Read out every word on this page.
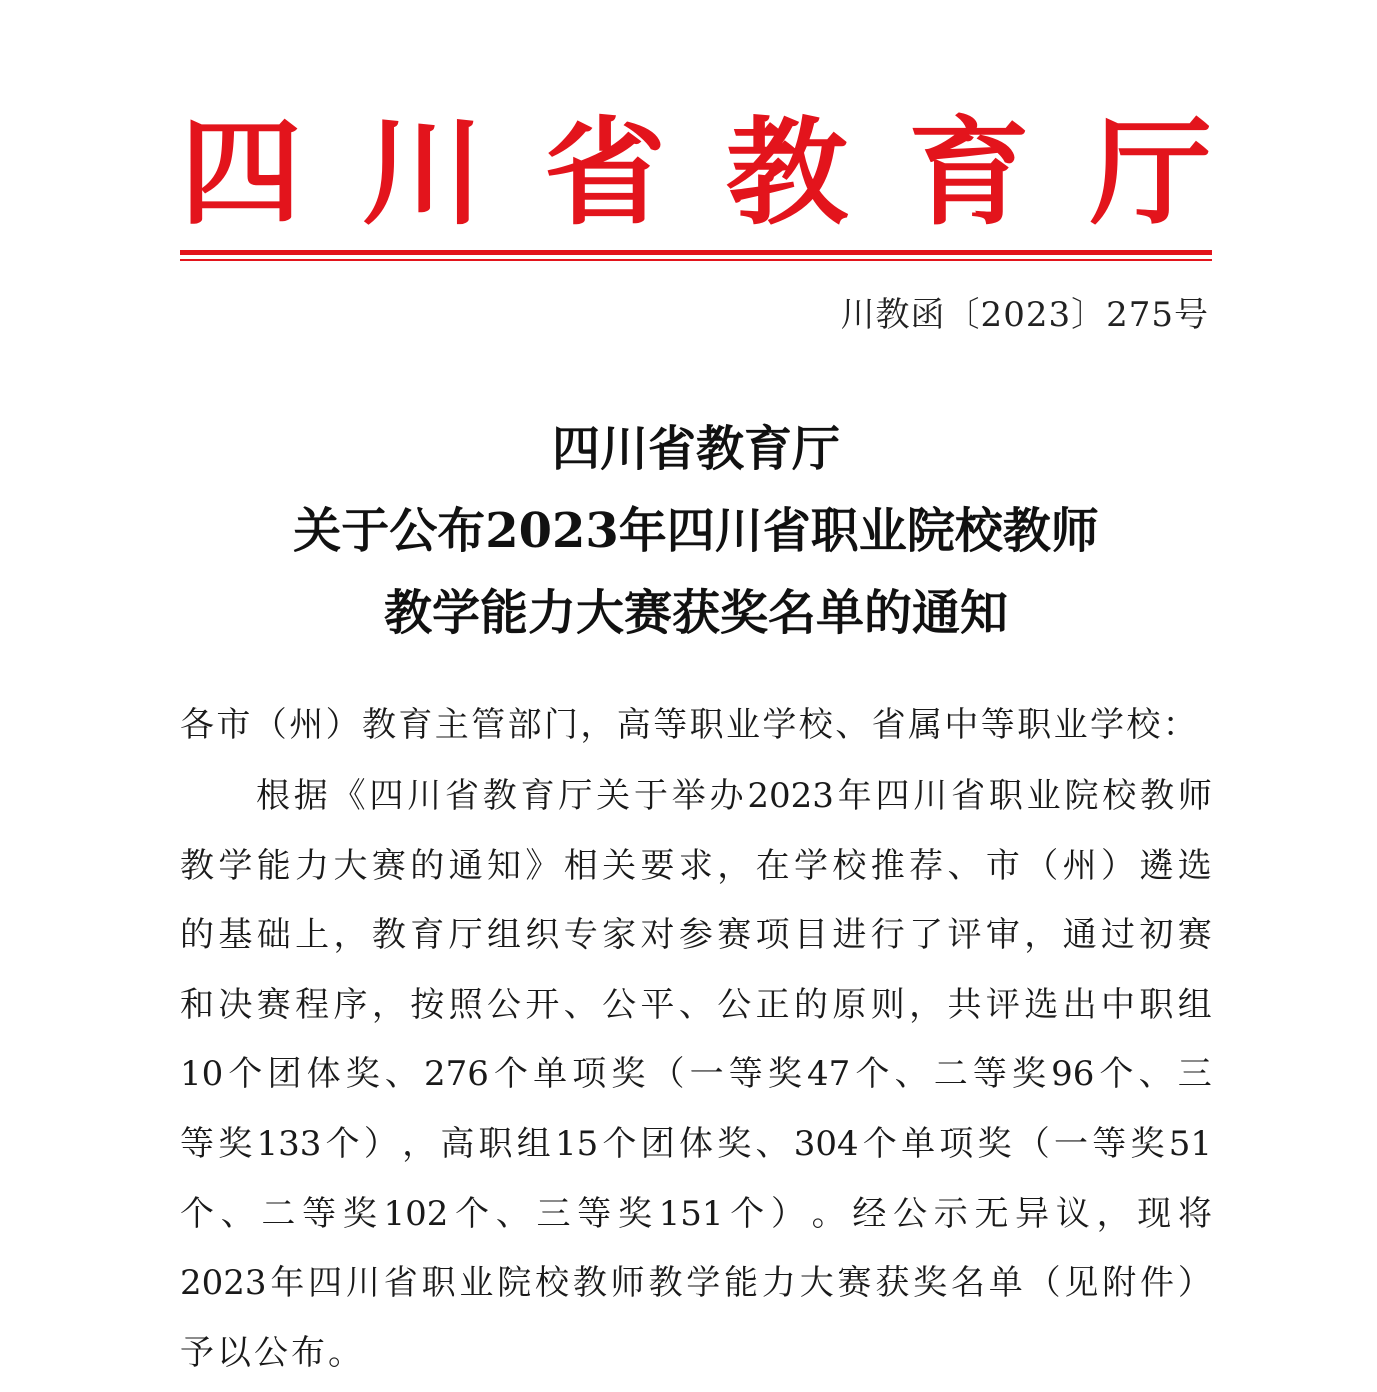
四 川 省 教 育 厅
川教函〔2023〕275号
四川省教育厅
关于公布2023年四川省职业院校教师
教学能力大赛获奖名单的通知
各市（州）教育主管部门，高等职业学校、省属中等职业学校：
根 据 《 四 川 省 教 育 厅 关 于 举 办 2023 年 四 川 省 职 业 院 校 教 师
教 学 能 力 大 赛 的 通 知 》 相 关 要 求 ， 在 学 校 推 荐 、 市 （ 州 ） 遴 选
的 基 础 上 ， 教 育 厅 组 织 专 家 对 参 赛 项 目 进 行 了 评 审 ， 通 过 初 赛
和 决 赛 程 序 ， 按 照 公 开 、 公 平 、 公 正 的 原 则 ， 共 评 选 出 中 职 组
10 个 团 体 奖 、 276 个 单 项 奖 （ 一 等 奖 47 个 、 二 等 奖 96 个 、 三
等 奖 133 个 ） ， 高 职 组 15 个 团 体 奖 、 304 个 单 项 奖 （ 一 等 奖 51
个 、 二 等 奖 102 个 、 三 等 奖 151 个 ） 。 经 公 示 无 异 议 ， 现 将
2023 年 四 川 省 职 业 院 校 教 师 教 学 能 力 大 赛 获 奖 名 单 （ 见 附 件 ）
予以公布。
